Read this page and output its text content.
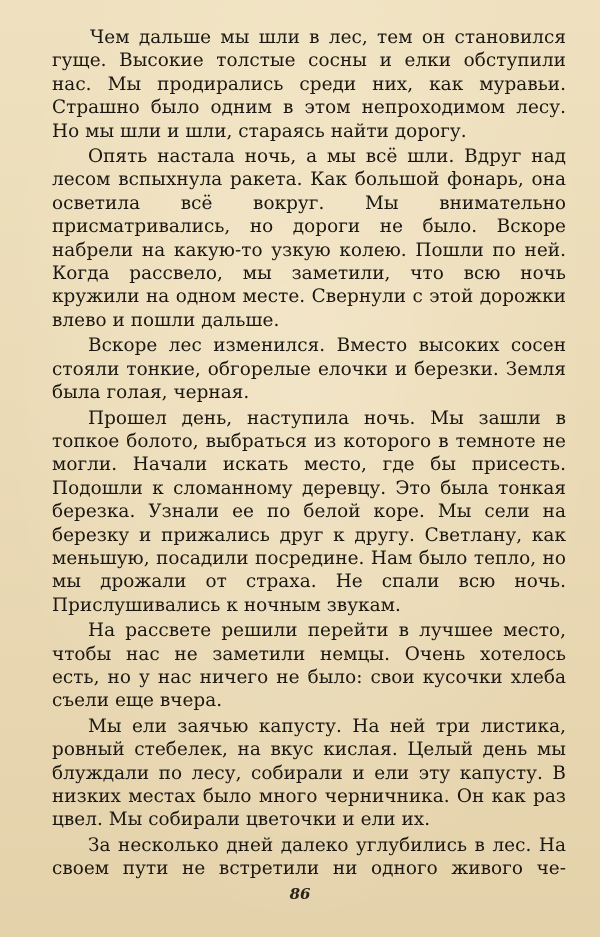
Чем дальше мы шли в лес, тем он становился гуще. Высокие толстые сосны и елки обступили нас. Мы продирались среди них, как муравьи. Страшно было одним в этом непроходимом лесу. Но мы шли и шли, стараясь найти дорогу.

Опять настала ночь, а мы всё шли. Вдруг над лесом вспыхнула ракета. Как большой фонарь, она осветила всё вокруг. Мы внимательно присматривались, но дороги не было. Вскоре набрели на какую-то узкую колею. Пошли по ней. Когда рассвело, мы заметили, что всю ночь кружили на одном месте. Свернули с этой дорожки влево и пошли дальше.

Вскоре лес изменился. Вместо высоких сосен стояли тонкие, обгорелые елочки и березки. Земля была голая, черная.

Прошел день, наступила ночь. Мы зашли в топкое болото, выбраться из которого в темноте не могли. Начали искать место, где бы присесть. Подошли к сломанному деревцу. Это была тонкая березка. Узнали ее по белой коре. Мы сели на березку и прижались друг к другу. Светлану, как меньшую, посадили посредине. Нам было тепло, но мы дрожали от страха. Не спали всю ночь. Прислушивались к ночным звукам.

На рассвете решили перейти в лучшее место, чтобы нас не заметили немцы. Очень хотелось есть, но у нас ничего не было: свои кусочки хлеба съели еще вчера.

Мы ели заячью капусту. На ней три листика, ровный стебелек, на вкус кислая. Целый день мы блуждали по лесу, собирали и ели эту капусту. В низких местах было много черничника. Он как раз цвел. Мы собирали цветочки и ели их.

За несколько дней далеко углубились в лес. На своем пути не встретили ни одного живого че-

86
